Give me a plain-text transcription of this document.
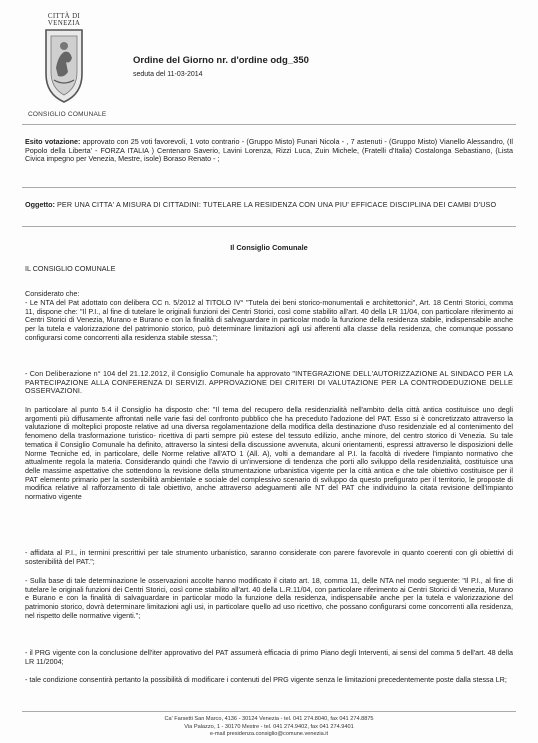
CITTÀ DI
VENEZIA
CONSIGLIO COMUNALE
Ordine del Giorno nr. d'ordine odg_350
seduta del 11-03-2014
Esito votazione: approvato con 25 voti favorevoli, 1 voto contrario - (Gruppo Misto) Funari Nicola - , 7 astenuti - (Gruppo Misto) Vianello Alessandro, (Il Popolo della Liberta' - FORZA ITALIA ) Centenaro Saverio, Lavini Lorenza, Rizzi Luca, Zuin Michele, (Fratelli d'Italia) Costalonga Sebastiano, (Lista Civica impegno per Venezia, Mestre, isole) Boraso Renato - ;
Oggetto: PER UNA CITTA' A MISURA DI CITTADINI: TUTELARE LA RESIDENZA CON UNA PIU' EFFICACE DISCIPLINA DEI CAMBI D'USO
Il Consiglio Comunale
IL CONSIGLIO COMUNALE
Considerato che:
- Le NTA del Pat adottato con delibera CC n. 5/2012 al TITOLO IV° "Tutela dei beni storico-monumentali e architettonici", Art. 18 Centri Storici, comma 11, dispone che: "Il P.I., al fine di tutelare le originali funzioni dei Centri Storici, così come stabilito all'art. 40 della LR 11/04, con particolare riferimento ai Centri Storici di Venezia, Murano e Burano e con la finalità di salvaguardare in particolar modo la funzione della residenza stabile, indispensabile anche per la tutela e valorizzazione del patrimonio storico, può determinare limitazioni agli usi afferenti alla classe della residenza, che comunque possano configurarsi come concorrenti alla residenza stabile stessa.";
- Con Deliberazione n° 104 del 21.12.2012, il Consiglio Comunale ha approvato "INTEGRAZIONE DELL'AUTORIZZAZIONE AL SINDACO PER LA PARTECIPAZIONE ALLA CONFERENZA DI SERVIZI. APPROVAZIONE DEI CRITERI DI VALUTAZIONE PER LA CONTRODEDUZIONE DELLE OSSERVAZIONI.
In particolare al punto 5.4 il Consiglio ha disposto che: "Il tema del recupero della residenzialità nell'ambito della città antica costituisce uno degli argomenti più diffusamente affrontati nelle varie fasi del confronto pubblico che ha preceduto l'adozione del PAT. Esso si è concretizzato attraverso la valutazione di molteplici proposte relative ad una diversa regolamentazione della modifica della destinazione d'uso residenziale ed al contenimento del fenomeno della trasformazione turistico- ricettiva di parti sempre più estese del tessuto edilizio, anche minore, del centro storico di Venezia. Su tale tematica il Consiglio Comunale ha definito, attraverso la sintesi della discussione avvenuta, alcuni orientamenti, espressi attraverso le disposizioni delle Norme Tecniche ed, in particolare, delle Norme relative all'ATO 1 (All. A), volti a demandare al P.I. la facoltà di rivedere l'impianto normativo che attualmente regola la materia. Considerando quindi che l'avvio di un'inversione di tendenza che porti allo sviluppo della residenzialità, costituisce una delle massime aspettative che sottendono la revisione della strumentazione urbanistica vigente per la città antica e che tale obiettivo costituisce per il PAT elemento primario per la sostenibilità ambientale e sociale del complessivo scenario di sviluppo da questo prefigurato per il territorio, le proposte di modifica relative al rafforzamento di tale obiettivo, anche attraverso adeguamenti alle NT del PAT che individuino la citata revisione dell'impianto normativo vigente
- affidata al P.I., in termini prescrittivi per tale strumento urbanistico, saranno considerate con parere favorevole in quanto coerenti con gli obiettivi di sostenibilità del PAT.";
- Sulla base di tale determinazione le osservazioni accolte hanno modificato il citato art. 18, comma 11, delle NTA nel modo seguente: "Il P.I., al fine di tutelare le originali funzioni dei Centri Storici, così come stabilito all'art. 40 della L.R.11/04, con particolare riferimento ai Centri Storici di Venezia, Murano e Burano e con la finalità di salvaguardare in particolar modo la funzione della residenza, indispensabile anche per la tutela e valorizzazione del patrimonio storico, dovrà determinare limitazioni agli usi, in particolare quello ad uso ricettivo, che possano configurarsi come concorrenti alla residenza, nel rispetto delle normative vigenti.";
- il PRG vigente con la conclusione dell'iter approvativo del PAT assumerà efficacia di primo Piano degli Interventi, ai sensi del comma 5 dell'art. 48 della LR 11/2004;
- tale condizione consentirà pertanto la possibilità di modificare i contenuti del PRG vigente senza le limitazioni precedentemente poste dalla stessa LR;
Ca' Farsetti San Marco, 4136 - 30124 Venezia - tel. 041 274.8040, fax 041 274.8875
Via Palazzo, 1 - 30170 Mestre - tel. 041 274.9402, fax 041 274.9401
e-mail presidenza.consiglio@comune.venezia.it
